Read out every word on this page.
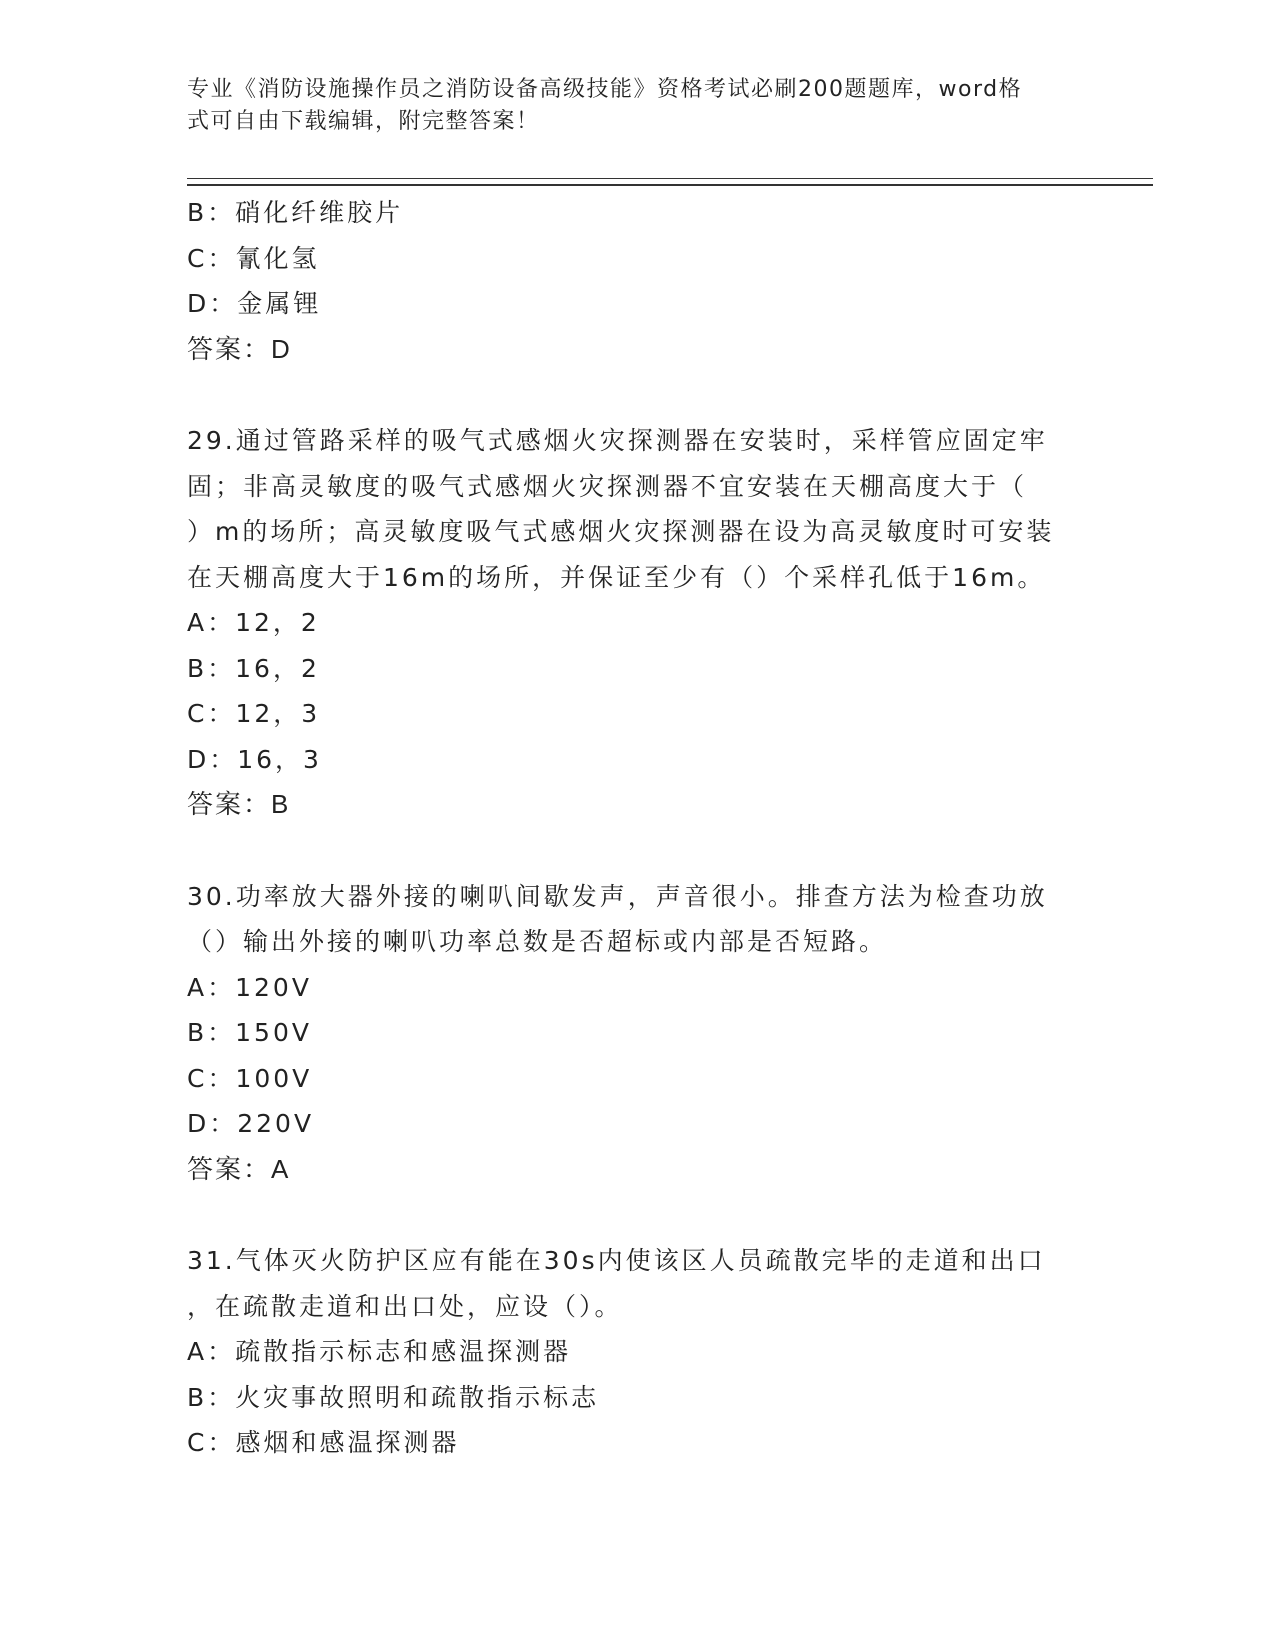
专业《消防设施操作员之消防设备高级技能》资格考试必刷200题题库，word格
式可自由下载编辑，附完整答案！
B：硝化纤维胶片
C：氰化氢
D：金属锂
答案：D
29.通过管路采样的吸气式感烟火灾探测器在安装时，采样管应固定牢
固；非高灵敏度的吸气式感烟火灾探测器不宜安装在天棚高度大于（
）m的场所；高灵敏度吸气式感烟火灾探测器在设为高灵敏度时可安装
在天棚高度大于16m的场所，并保证至少有（）个采样孔低于16m。
A：12，2
B：16，2
C：12，3
D：16，3
答案：B
30.功率放大器外接的喇叭间歇发声，声音很小。排查方法为检查功放
（）输出外接的喇叭功率总数是否超标或内部是否短路。
A：120V
B：150V
C：100V
D：220V
答案：A
31.气体灭火防护区应有能在30s内使该区人员疏散完毕的走道和出口
，在疏散走道和出口处，应设（）。
A：疏散指示标志和感温探测器
B：火灾事故照明和疏散指示标志
C：感烟和感温探测器
